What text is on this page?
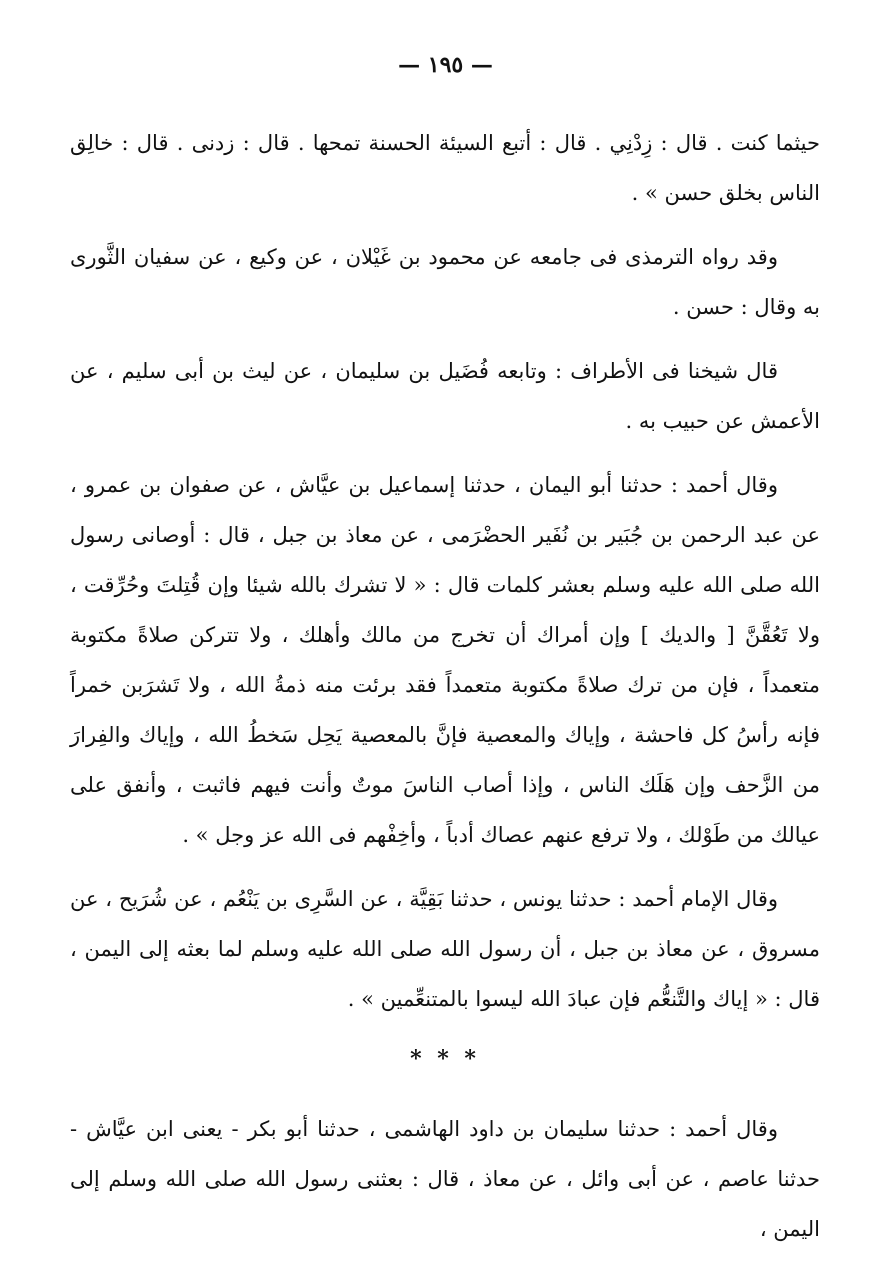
— ١٩٥ —

حيثما كنت . قال : زِدْنِي . قال : أتبع السيئة الحسنة تمحها . قال : زدنى . قال : خالِق الناس بخلق حسن » .

وقد رواه الترمذى فى جامعه عن محمود بن غَيْلان ، عن وكيع ، عن سفيان الثَّورى به وقال : حسن .

قال شيخنا فى الأطراف : وتابعه فُضَيل بن سليمان ، عن ليث بن أبى سليم ، عن الأعمش عن حبيب به .

وقال أحمد : حدثنا أبو اليمان ، حدثنا إسماعيل بن عيَّاش ، عن صفوان بن عمرو ، عن عبد الرحمن بن جُبَير بن نُفَير الحضْرَمى ، عن معاذ بن جبل ، قال : أوصانى رسول الله صلى الله عليه وسلم بعشر كلمات قال : « لا تشرك بالله شيئا وإن قُتِلتَ وحُرِّقت ، ولا تَعُقَّنَّ [ والديك ] وإن أمراك أن تخرج من مالك وأهلك ، ولا تتركن صلاةً مكتوبة متعمداً ، فإن من ترك صلاةً مكتوبة متعمداً فقد برئت منه ذمةُ الله ، ولا تَشرَبن خمراً فإنه رأسُ كل فاحشة ، وإياك والمعصية فإنَّ بالمعصية يَحِل سَخطُ الله ، وإياك والفِرارَ من الزَّحف وإن هَلَك الناس ، وإذا أصاب الناسَ موتٌ وأنت فيهم فاثبت ، وأنفق على عيالك من طَوْلك ، ولا ترفع عنهم عصاك أدباً ، وأخِفْهم فى الله عز وجل » .

وقال الإمام أحمد : حدثنا يونس ، حدثنا بَقِيَّة ، عن السَّرِى بن يَنْعُم ، عن شُرَيح ، عن مسروق ، عن معاذ بن جبل ، أن رسول الله صلى الله عليه وسلم لما بعثه إلى اليمن ، قال : « إياك والتَّنعُّم فإن عبادَ الله ليسوا بالمتنعِّمين » .

* * *

وقال أحمد : حدثنا سليمان بن داود الهاشمى ، حدثنا أبو بكر - يعنى ابن عيَّاش - حدثنا عاصم ، عن أبى وائل ، عن معاذ ، قال : بعثنى رسول الله صلى الله وسلم إلى اليمن ،
